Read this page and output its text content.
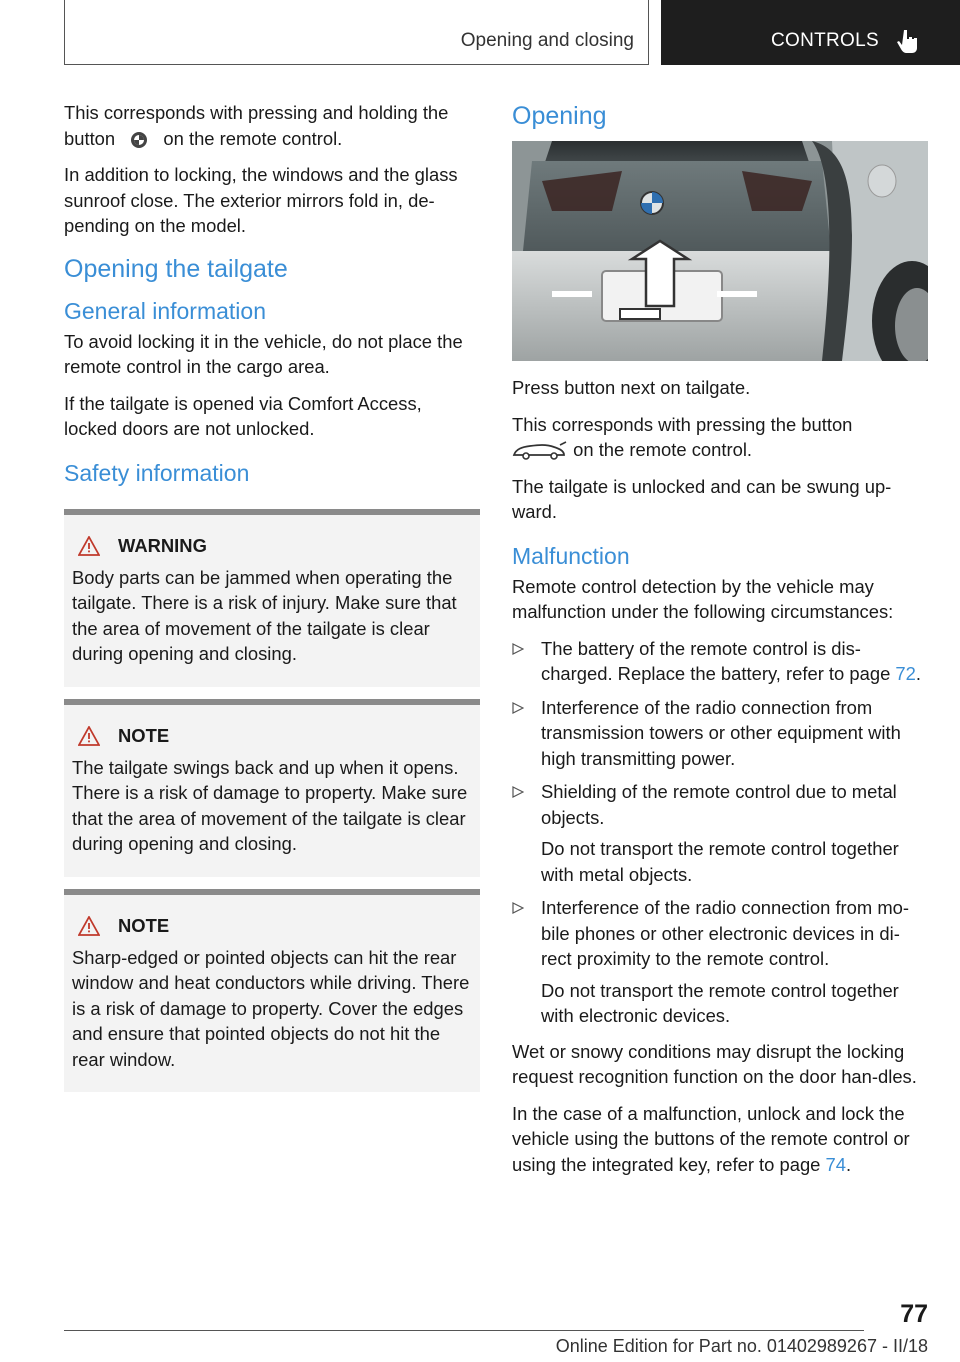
Opening and closing	CONTROLS

This corresponds with pressing and holding the button	on the remote control.

In addition to locking, the windows and the glass sunroof close. The exterior mirrors fold in, de-pending on the model.

Opening the tailgate
General information

To avoid locking it in the vehicle, do not place the remote control in the cargo area.

If the tailgate is opened via Comfort Access, locked doors are not unlocked.

Safety information
WARNING

Body parts can be jammed when operating the tailgate. There is a risk of injury. Make sure that the area of movement of the tailgate is clear during opening and closing.

NOTE

The tailgate swings back and up when it opens. There is a risk of damage to property. Make sure that the area of movement of the tailgate is clear during opening and closing.

NOTE

Sharp-edged or pointed objects can hit the rear window and heat conductors while driving. There is a risk of damage to property. Cover the edges and ensure that pointed objects do not hit the rear window.

Opening

Press button next on tailgate.

This corresponds with pressing the button
on the remote control.

The tailgate is unlocked and can be swung up-ward.

Malfunction

Remote control detection by the vehicle may malfunction under the following circumstances:

The battery of the remote control is dis-charged. Replace the battery, refer to page 72.
Interference of the radio connection from transmission towers or other equipment with high transmitting power.
Shielding of the remote control due to metal objects.

Do not transport the remote control together with metal objects.

Interference of the radio connection from mo-bile phones or other electronic devices in di-rect proximity to the remote control.

Do not transport the remote control together with electronic devices.

Wet or snowy conditions may disrupt the locking request recognition function on the door han-dles.

In the case of a malfunction, unlock and lock the vehicle using the buttons of the remote control or using the integrated key, refer to page 74.

77
Online Edition for Part no. 01402989267 - II/18
